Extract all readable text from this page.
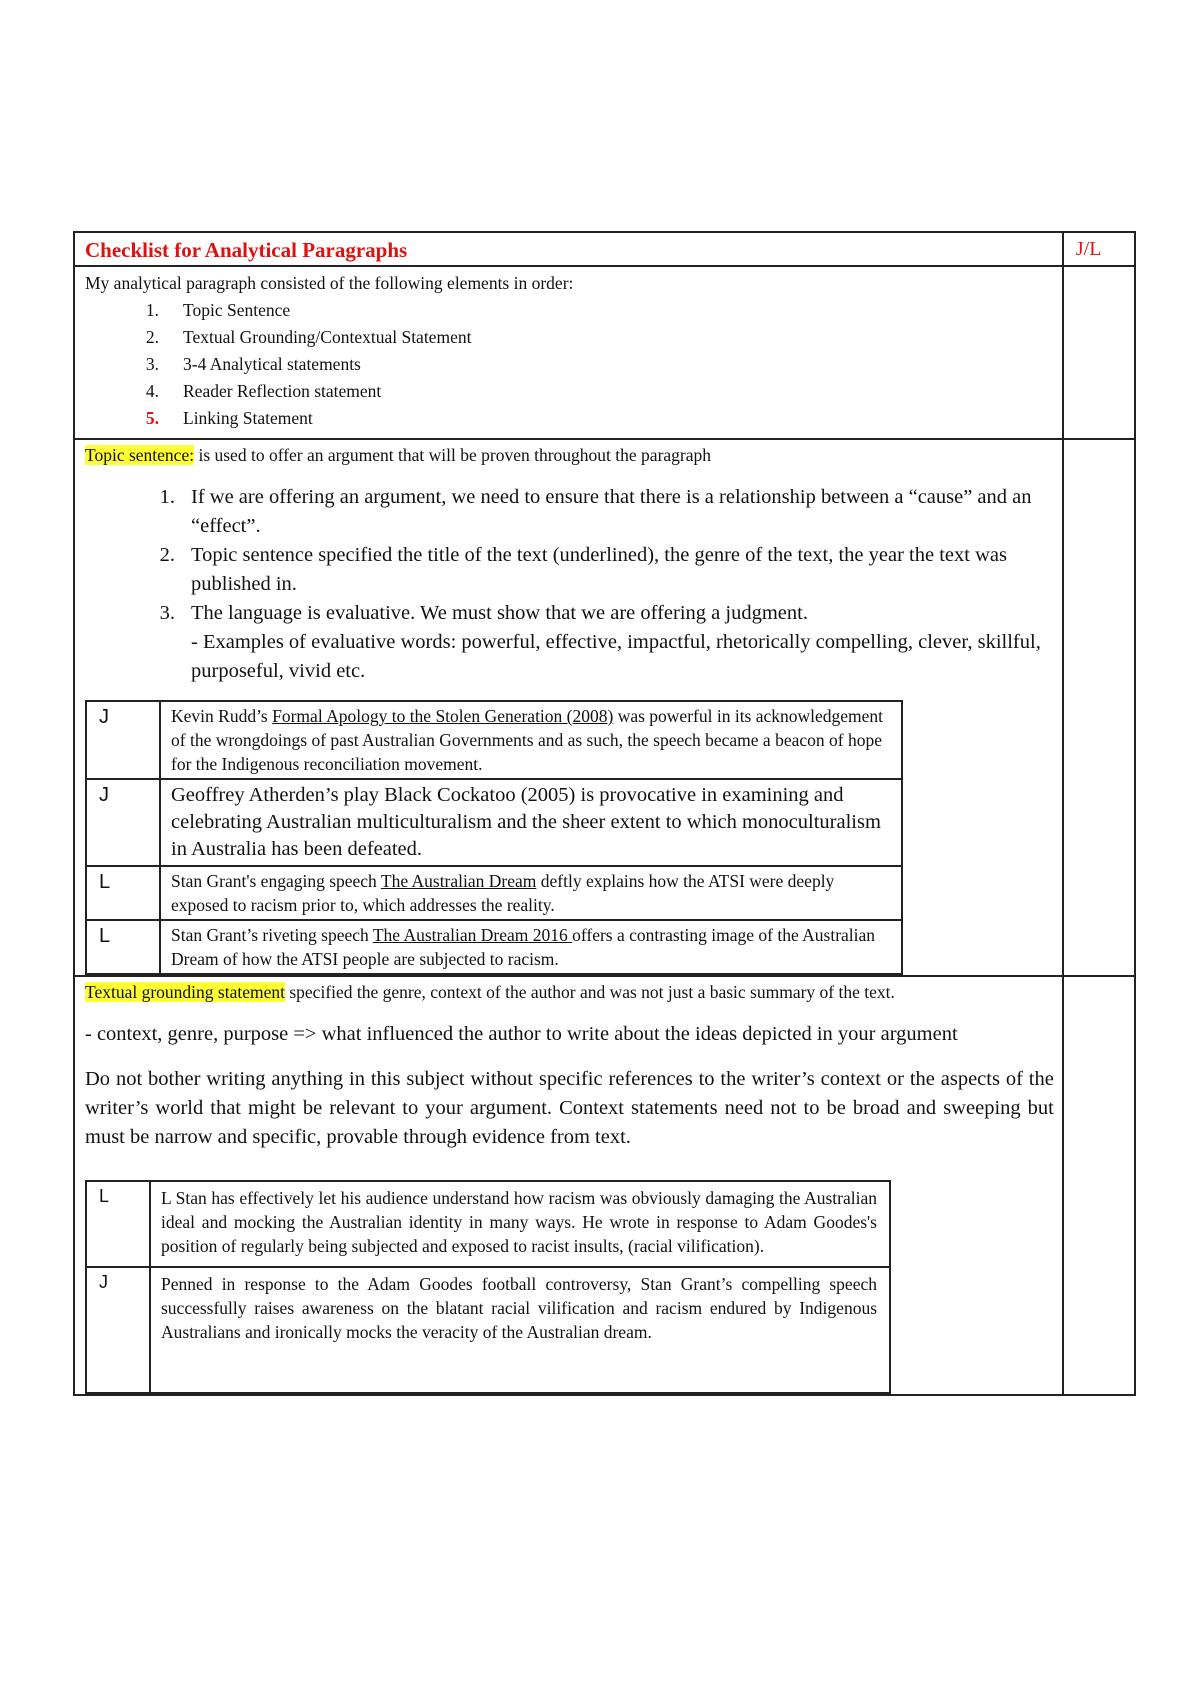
Checklist for Analytical Paragraphs	J/L

My analytical paragraph consisted of the following elements in order:
1.	Topic Sentence
2.	Textual Grounding/Contextual Statement
3.	3-4 Analytical statements
4.	Reader Reflection statement
5.	Linking Statement

Topic sentence: is used to offer an argument that will be proven throughout the paragraph
1. If we are offering an argument, we need to ensure that there is a relationship between a “cause” and an “effect”.
2. Topic sentence specified the title of the text (underlined), the genre of the text, the year the text was published in.
3. The language is evaluative. We must show that we are offering a judgment.
- Examples of evaluative words: powerful, effective, impactful, rhetorically compelling, clever, skillful, purposeful, vivid etc.
J	Kevin Rudd’s Formal Apology to the Stolen Generation (2008) was powerful in its acknowledgement of the wrongdoings of past Australian Governments and as such, the speech became a beacon of hope for the Indigenous reconciliation movement.
J	Geoffrey Atherden’s play Black Cockatoo (2005) is provocative in examining and celebrating Australian multiculturalism and the sheer extent to which monoculturalism in Australia has been defeated.
L	Stan Grant's engaging speech The Australian Dream deftly explains how the ATSI were deeply exposed to racism prior to, which addresses the reality.
L	Stan Grant’s riveting speech The Australian Dream 2016 offers a contrasting image of the Australian Dream of how the ATSI people are subjected to racism.

Textual grounding statement specified the genre, context of the author and was not just a basic summary of the text.
- context, genre, purpose => what influenced the author to write about the ideas depicted in your argument
Do not bother writing anything in this subject without specific references to the writer’s context or the aspects of the writer’s world that might be relevant to your argument. Context statements need not to be broad and sweeping but must be narrow and specific, provable through evidence from text.
L	L Stan has effectively let his audience understand how racism was obviously damaging the Australian ideal and mocking the Australian identity in many ways. He wrote in response to Adam Goodes's position of regularly being subjected and exposed to racist insults, (racial vilification).
J	Penned in response to the Adam Goodes football controversy, Stan Grant’s compelling speech successfully raises awareness on the blatant racial vilification and racism endured by Indigenous Australians and ironically mocks the veracity of the Australian dream.
